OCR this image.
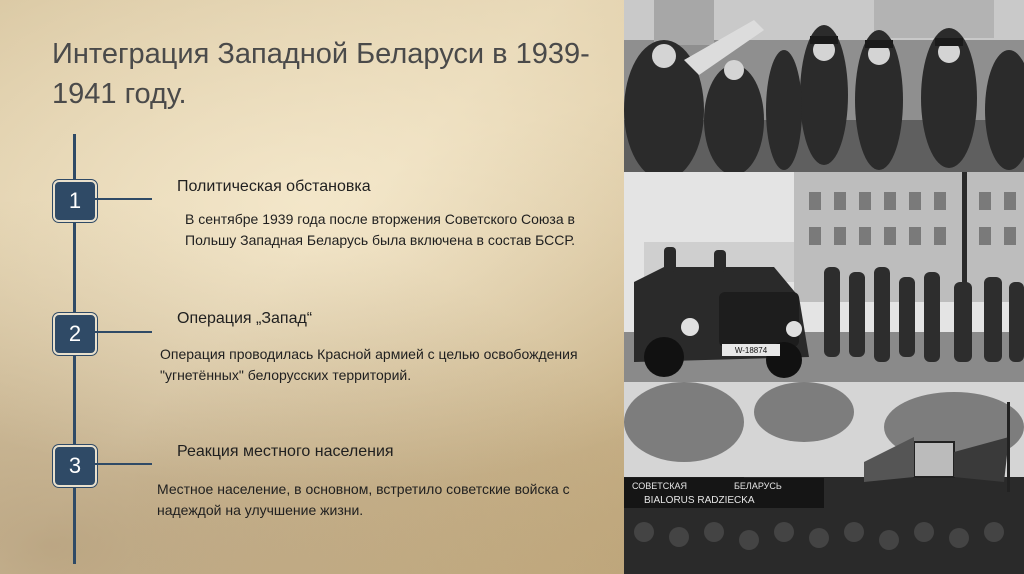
Интеграция Западной Беларуси в 1939-1941 году.
1
Политическая обстановка
В сентябре 1939 года после вторжения Советского Союза в Польшу Западная Беларусь была включена в состав БССР.
2
Операция „Запад“
Операция проводилась Красной армией с целью освобождения "угнетённых" белорусских территорий.
3
Реакция местного населения
Местное население, в основном, встретило советские войска с надеждой на улучшение жизни.
W-18874
СОВЕТСКАЯ	БЕЛАРУСЬ
BIALORUS RADZIECKA
